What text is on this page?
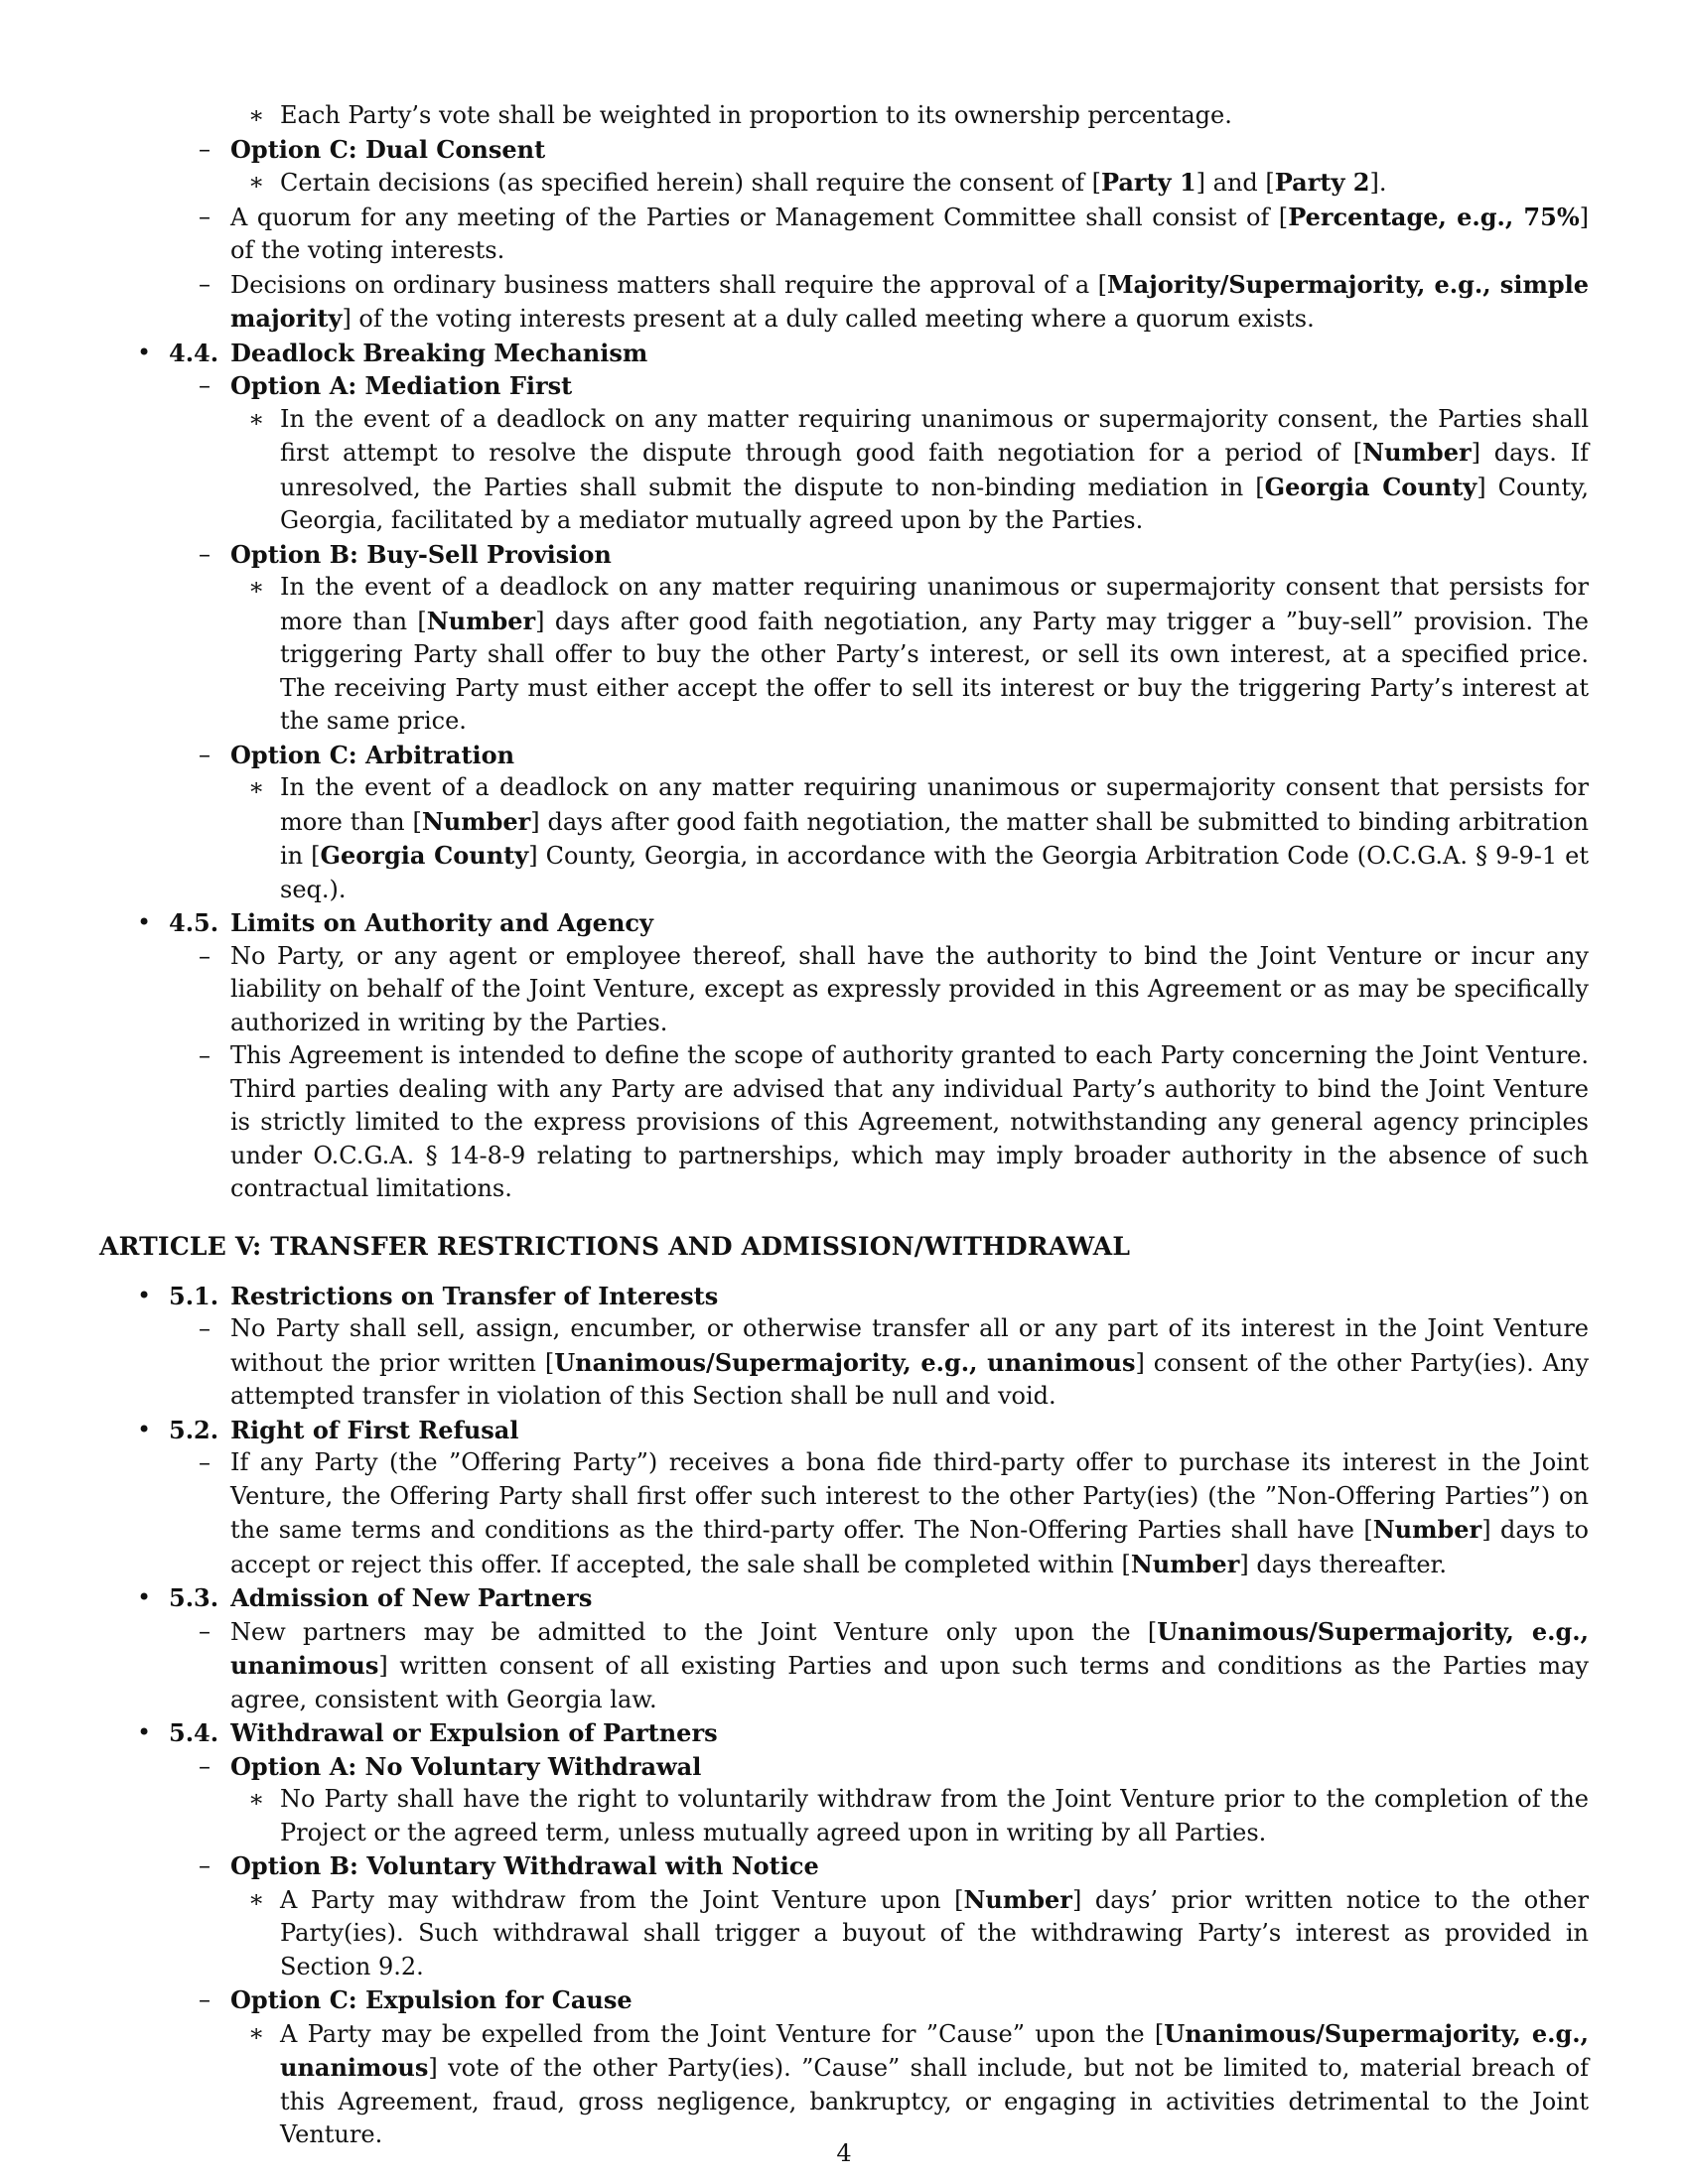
∗ Each Party’s vote shall be weighted in proportion to its ownership percentage.
– Option C: Dual Consent
∗ Certain decisions (as specified herein) shall require the consent of [Party 1] and [Party 2].
– A quorum for any meeting of the Parties or Management Committee shall consist of [Percentage, e.g., 75%] of the voting interests.
– Decisions on ordinary business matters shall require the approval of a [Majority/Supermajority, e.g., simple majority] of the voting interests present at a duly called meeting where a quorum exists.
• 4.4. Deadlock Breaking Mechanism
– Option A: Mediation First
∗ In the event of a deadlock on any matter requiring unanimous or supermajority consent, the Parties shall first attempt to resolve the dispute through good faith negotiation for a period of [Number] days. If unresolved, the Parties shall submit the dispute to non-binding mediation in [Georgia County] County, Georgia, facilitated by a mediator mutually agreed upon by the Parties.
– Option B: Buy-Sell Provision
∗ In the event of a deadlock on any matter requiring unanimous or supermajority consent that persists for more than [Number] days after good faith negotiation, any Party may trigger a ”buy-sell” provision. The triggering Party shall offer to buy the other Party’s interest, or sell its own interest, at a specified price. The receiving Party must either accept the offer to sell its interest or buy the triggering Party’s interest at the same price.
– Option C: Arbitration
∗ In the event of a deadlock on any matter requiring unanimous or supermajority consent that persists for more than [Number] days after good faith negotiation, the matter shall be submitted to binding arbitration in [Georgia County] County, Georgia, in accordance with the Georgia Arbitration Code (O.C.G.A. § 9-9-1 et seq.).
• 4.5. Limits on Authority and Agency
– No Party, or any agent or employee thereof, shall have the authority to bind the Joint Venture or incur any liability on behalf of the Joint Venture, except as expressly provided in this Agreement or as may be specifically authorized in writing by the Parties.
– This Agreement is intended to define the scope of authority granted to each Party concerning the Joint Venture. Third parties dealing with any Party are advised that any individual Party’s authority to bind the Joint Venture is strictly limited to the express provisions of this Agreement, notwithstanding any general agency principles under O.C.G.A. § 14-8-9 relating to partnerships, which may imply broader authority in the absence of such contractual limitations.
ARTICLE V: TRANSFER RESTRICTIONS AND ADMISSION/WITHDRAWAL
• 5.1. Restrictions on Transfer of Interests
– No Party shall sell, assign, encumber, or otherwise transfer all or any part of its interest in the Joint Venture without the prior written [Unanimous/Supermajority, e.g., unanimous] consent of the other Party(ies). Any attempted transfer in violation of this Section shall be null and void.
• 5.2. Right of First Refusal
– If any Party (the ”Offering Party”) receives a bona fide third-party offer to purchase its interest in the Joint Venture, the Offering Party shall first offer such interest to the other Party(ies) (the ”Non-Offering Parties”) on the same terms and conditions as the third-party offer. The Non-Offering Parties shall have [Number] days to accept or reject this offer. If accepted, the sale shall be completed within [Number] days thereafter.
• 5.3. Admission of New Partners
– New partners may be admitted to the Joint Venture only upon the [Unanimous/Supermajority, e.g., unanimous] written consent of all existing Parties and upon such terms and conditions as the Parties may agree, consistent with Georgia law.
• 5.4. Withdrawal or Expulsion of Partners
– Option A: No Voluntary Withdrawal
∗ No Party shall have the right to voluntarily withdraw from the Joint Venture prior to the completion of the Project or the agreed term, unless mutually agreed upon in writing by all Parties.
– Option B: Voluntary Withdrawal with Notice
∗ A Party may withdraw from the Joint Venture upon [Number] days’ prior written notice to the other Party(ies). Such withdrawal shall trigger a buyout of the withdrawing Party’s interest as provided in Section 9.2.
– Option C: Expulsion for Cause
∗ A Party may be expelled from the Joint Venture for ”Cause” upon the [Unanimous/Supermajority, e.g., unanimous] vote of the other Party(ies). ”Cause” shall include, but not be limited to, material breach of this Agreement, fraud, gross negligence, bankruptcy, or engaging in activities detrimental to the Joint Venture.
4
